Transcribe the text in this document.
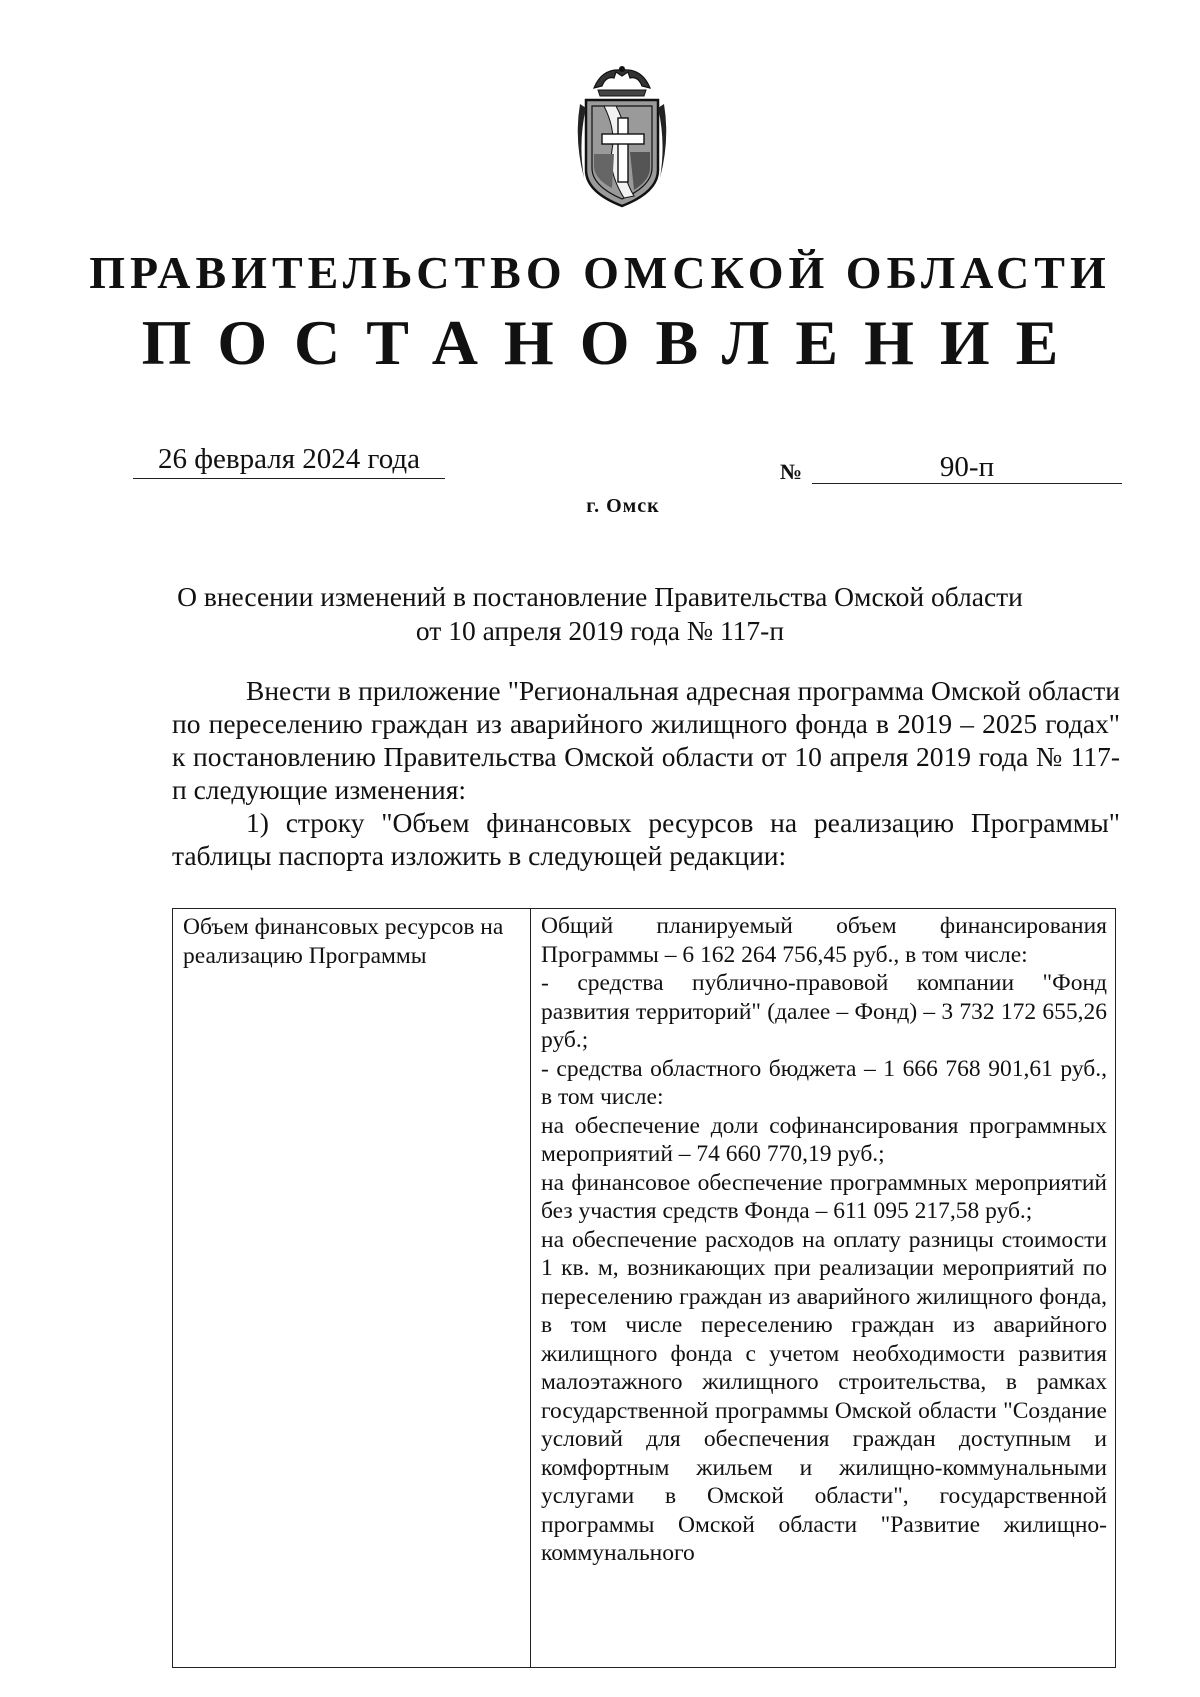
ПРАВИТЕЛЬСТВО ОМСКОЙ ОБЛАСТИ
ПОСТАНОВЛЕНИЕ
26 февраля 2024 года	№	90-п
г. Омск
О внесении изменений в постановление Правительства Омской области
от 10 апреля 2019 года № 117-п

Внести в приложение "Региональная адресная программа Омской области по переселению граждан из аварийного жилищного фонда в 2019 – 2025 годах" к постановлению Правительства Омской области от 10 апреля 2019 года № 117-п следующие изменения:

1) строку "Объем финансовых ресурсов на реализацию Программы" таблицы паспорта изложить в следующей редакции:

Объем финансовых ресурсов на реализацию Программы
Общий планируемый объем финансирования Программы – 6 162 264 756,45 руб., в том числе:
- средства публично-правовой компании "Фонд развития территорий" (далее – Фонд) – 3 732 172 655,26 руб.;
- средства областного бюджета – 1 666 768 901,61 руб., в том числе:
на обеспечение доли софинансирования программных мероприятий – 74 660 770,19 руб.;
на финансовое обеспечение программных мероприятий без участия средств Фонда – 611 095 217,58 руб.;
на обеспечение расходов на оплату разницы стоимости 1 кв. м, возникающих при реализации мероприятий по переселению граждан из аварийного жилищного фонда, в том числе переселению граждан из аварийного жилищного фонда с учетом необходимости развития малоэтажного жилищного строительства, в рамках государственной программы Омской области "Создание условий для обеспечения граждан доступным и комфортным жильем и жилищно-коммунальными услугами в Омской области", государственной программы Омской области "Развитие жилищно-коммунального
